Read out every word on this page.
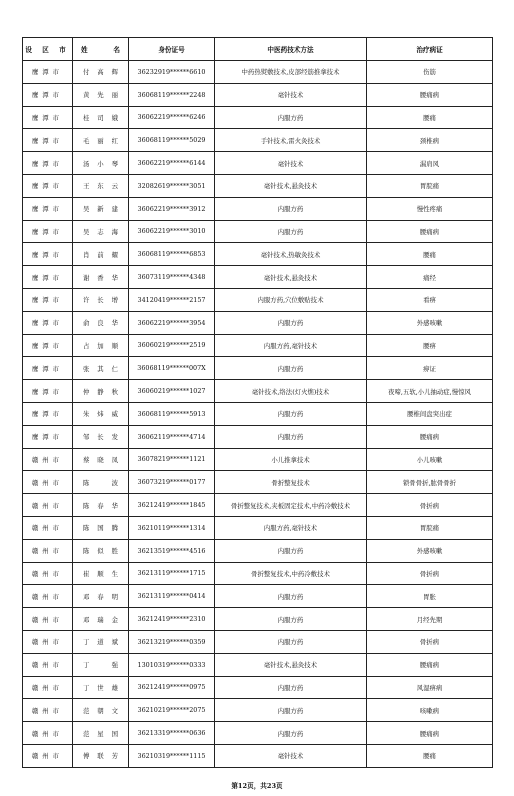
设 区 市	姓 名	身份证号	中医药技术方法	治疗病证
鹰潭市	付高辉	36232919******6610	中药热熨敷技术,皮部经筋推拿技术	伤筋
鹰潭市	黄先丽	36068119******2248	毫针技术	腰痛病
鹰潭市	桂司娥	36062219******6246	内服方药	腰痛
鹰潭市	毛丽红	36068119******5029	手针技术,雷火灸技术	颈椎病
鹰潭市	汤小琴	36062219******6144	毫针技术	漏肩风
鹰潭市	王东云	32082619******3051	毫针技术,悬灸技术	胃脘痛
鹰潭市	吴新建	36062219******3912	内服方药	慢性疼痛
鹰潭市	吴志海	36062219******3010	内服方药	腰痛病
鹰潭市	肖前耀	36068119******6853	毫针技术,热敏灸技术	腰痛
鹰潭市	谢香华	36073119******4348	毫针技术,悬灸技术	痛经
鹰潭市	许长增	34120419******2157	内服方药,穴位敷贴技术	看痹
鹰潭市	俞良华	36062219******3954	内服方药	外感咳嗽
鹰潭市	占加顺	36060219******2519	内服方药,毫针技术	腰痹
鹰潭市	张其仁	36068119******007X	内服方药	痹证
鹰潭市	仲静秋	36060219******1027	毫针技术,络法(灯火燋)技术	夜啼,五软,小儿抽动症,慢惊风
鹰潭市	朱炜威	36068119******5913	内服方药	腰椎间盘突出症
鹰潭市	邹长发	36062119******4714	内服方药	腰痛病
赣州市	蔡晓凤	36078219******1121	小儿推拿技术	小儿咳嗽
赣州市	陈波	36073219******0177	骨折整复技术	锁骨骨折,肱骨骨折
赣州市	陈春华	36212419******1845	骨折整复技术,夹板固定技术,中药冷敷技术	骨折病
赣州市	陈国腾	36210119******1314	内服方药,毫针技术	胃脘痛
赣州市	陈似胜	36213519******4516	内服方药	外感咳嗽
赣州市	崔顺生	36213119******1715	骨折整复技术,中药冷敷技术	骨折病
赣州市	邓春明	36213119******0414	内服方药	胃胀
赣州市	邓瑞金	36212419******2310	内服方药	月经先期
赣州市	丁道斌	36213219******0359	内服方药	骨折病
赣州市	丁强	13010319******0333	毫针技术,悬灸技术	腰痛病
赣州市	丁世雄	36212419******0975	内服方药	风湿痹病
赣州市	范朝文	36210219******2075	内服方药	咳嗽病
赣州市	范星国	36213319******0636	内服方药	腰痛病
赣州市	傅联芳	36210319******1115	毫针技术	腰痛
第12页，共23页
